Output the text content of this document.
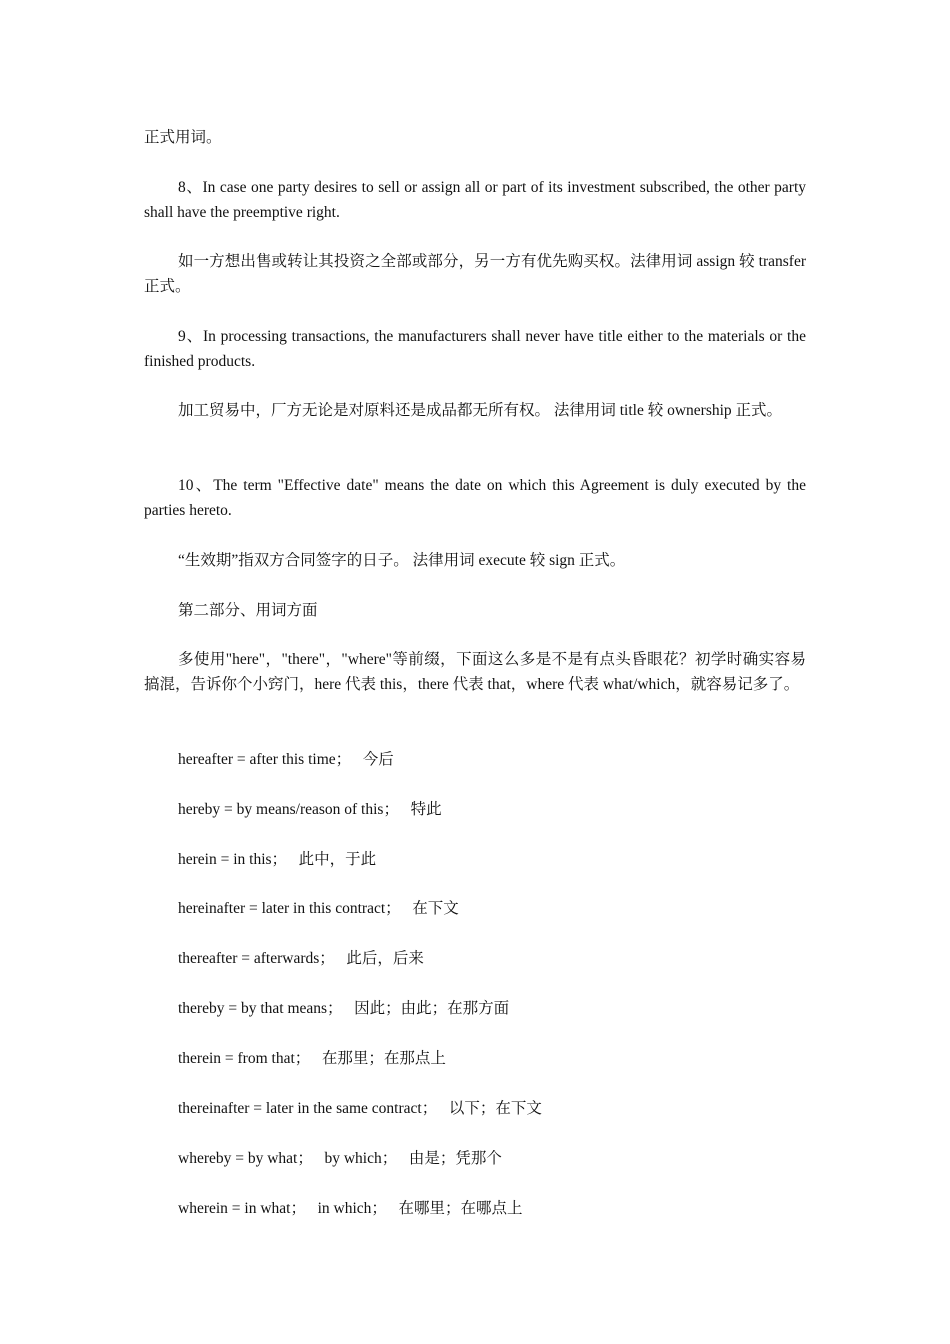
正式用词。

8、In case one party desires to sell or assign all or part of its investment subscribed, the other party shall have the preemptive right.

如一方想出售或转让其投资之全部或部分，另一方有优先购买权。法律用词 assign 较 transfer 正式。

9、In processing transactions, the manufacturers shall never have title either to the materials or the finished products.

加工贸易中，厂方无论是对原料还是成品都无所有权。 法律用词 title 较 ownership 正式。

10、The term "Effective date" means the date on which this Agreement is duly executed by the parties hereto.

“生效期”指双方合同签字的日子。 法律用词 execute 较 sign 正式。

第二部分、用词方面

多使用"here"，"there"，"where"等前缀，下面这么多是不是有点头昏眼花？初学时确实容易搞混，告诉你个小窍门，here 代表 this，there 代表 that，where 代表 what/which，就容易记多了。

hereafter = after this time；   今后

hereby = by means/reason of this；   特此

herein = in this；   此中，于此

hereinafter = later in this contract；   在下文

thereafter = afterwards；   此后，后来

thereby = by that means；   因此；由此；在那方面

therein = from that；   在那里；在那点上

thereinafter = later in the same contract；   以下；在下文

whereby = by what；   by which；   由是；凭那个

wherein = in what；   in which；   在哪里；在哪点上
